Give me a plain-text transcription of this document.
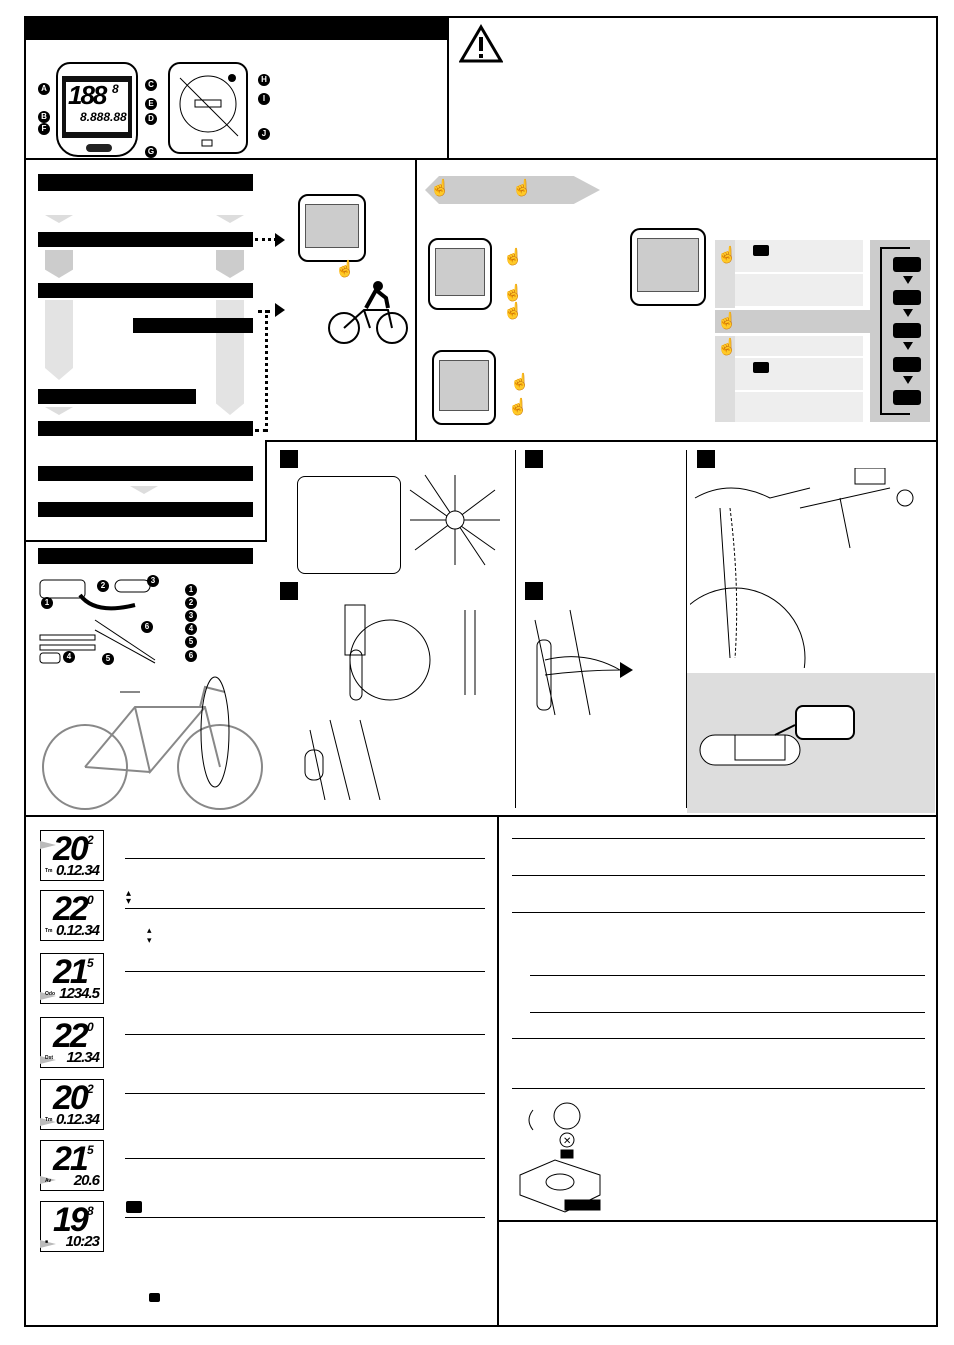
188 8
8.888.88
A
B
F
C
E
D
G
H
I
J
☝
☝	☝
☝
☝
☝
☝
☝
☝
☝
☝
1
2
3
4	5
6
1
2
3
4
5
6
20 2
Tm 0.12.34
22 0
Tm 0.12.34
21 5
Odo 1234.5
22 0
Dst 12.34
20 2
Tm 0.12.34
21 5
Av 20.6
19 8
■ 10:23
▴
▾
▴
▾
✕
